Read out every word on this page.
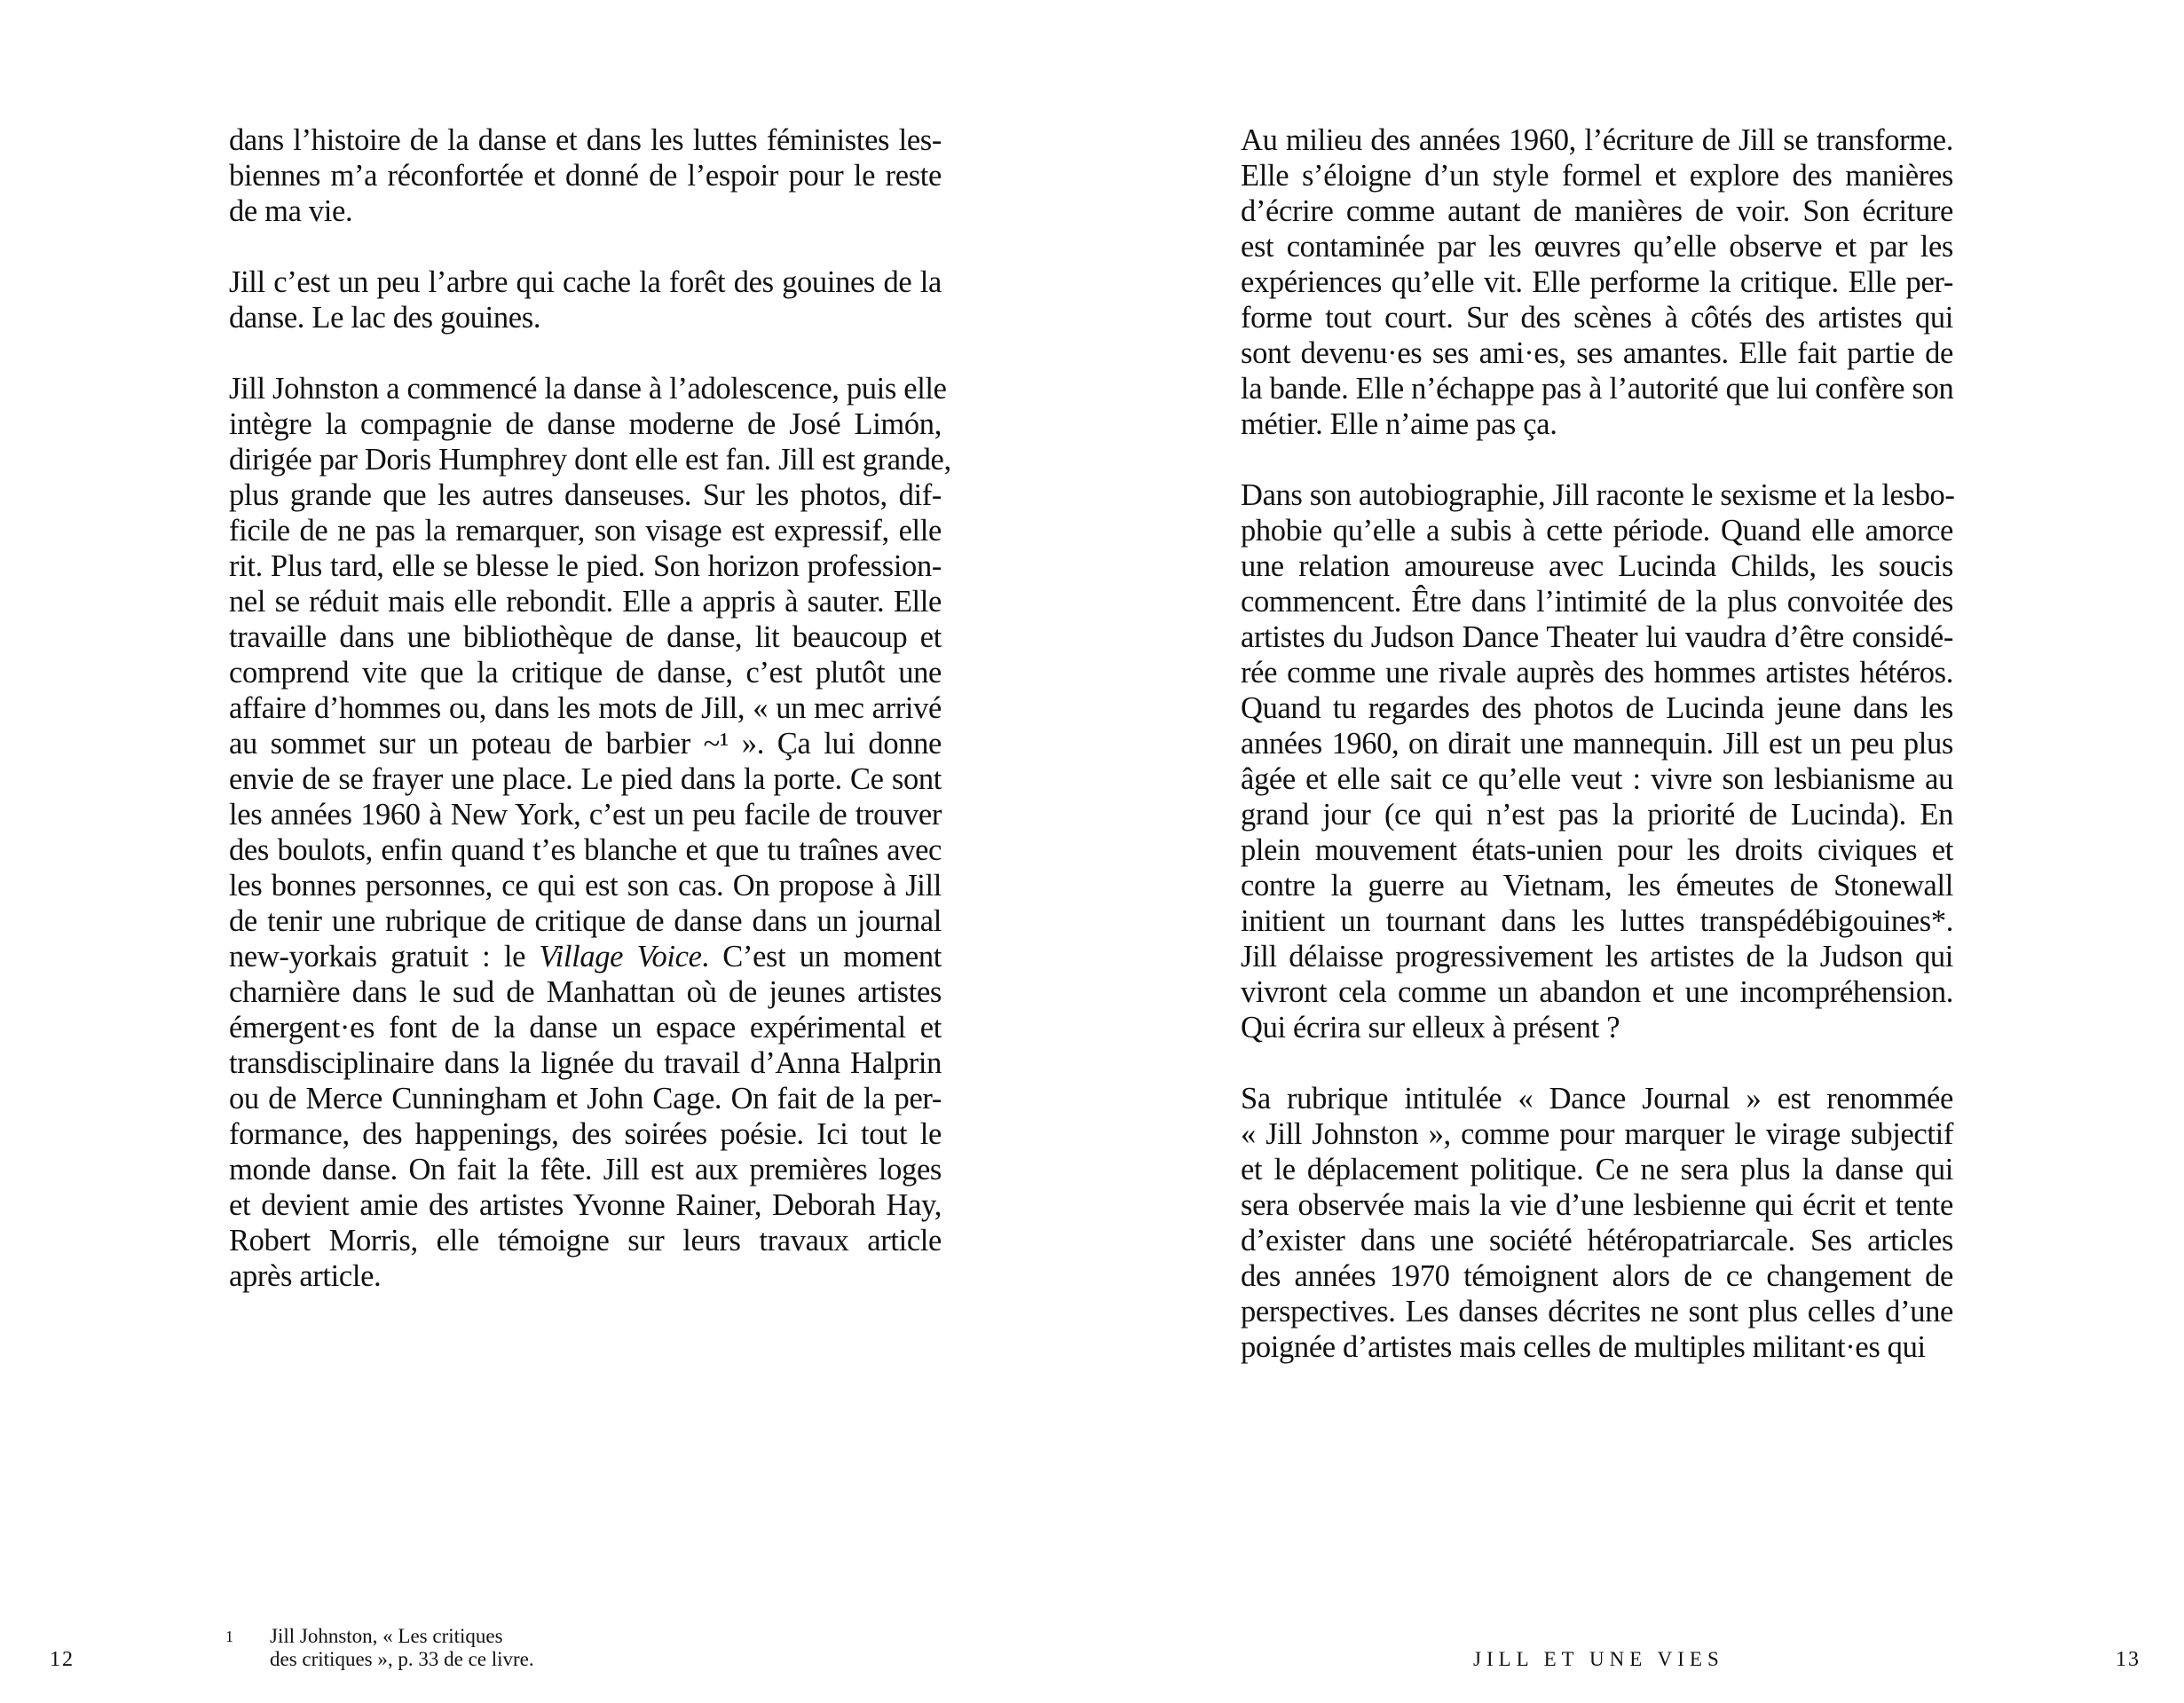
dans l’histoire de la danse et dans les luttes féministes les-
biennes m’a réconfortée et donné de l’espoir pour le reste
de ma vie.

Jill c’est un peu l’arbre qui cache la forêt des gouines de la
danse. Le lac des gouines.

Jill Johnston a commencé la danse à l’adolescence, puis elle
intègre la compagnie de danse moderne de José Limón,
dirigée par Doris Humphrey dont elle est fan. Jill est grande,
plus grande que les autres danseuses. Sur les photos, dif-
ficile de ne pas la remarquer, son visage est expressif, elle
rit. Plus tard, elle se blesse le pied. Son horizon profession-
nel se réduit mais elle rebondit. Elle a appris à sauter. Elle
travaille dans une bibliothèque de danse, lit beaucoup et
comprend vite que la critique de danse, c’est plutôt une
affaire d’hommes ou, dans les mots de Jill, « un mec arrivé
au sommet sur un poteau de barbier ~¹ ». Ça lui donne
envie de se frayer une place. Le pied dans la porte. Ce sont
les années 1960 à New York, c’est un peu facile de trouver
des boulots, enfin quand t’es blanche et que tu traînes avec
les bonnes personnes, ce qui est son cas. On propose à Jill
de tenir une rubrique de critique de danse dans un journal
new-yorkais gratuit : le Village Voice. C’est un moment
charnière dans le sud de Manhattan où de jeunes artistes
émergent·es font de la danse un espace expérimental et
transdisciplinaire dans la lignée du travail d’Anna Halprin
ou de Merce Cunningham et John Cage. On fait de la per-
formance, des happenings, des soirées poésie. Ici tout le
monde danse. On fait la fête. Jill est aux premières loges
et devient amie des artistes Yvonne Rainer, Deborah Hay,
Robert Morris, elle témoigne sur leurs travaux article
après article.

1 Jill Johnston, « Les critiques
des critiques », p. 33 de ce livre.
12

Au milieu des années 1960, l’écriture de Jill se transforme.
Elle s’éloigne d’un style formel et explore des manières
d’écrire comme autant de manières de voir. Son écriture
est contaminée par les œuvres qu’elle observe et par les
expériences qu’elle vit. Elle performe la critique. Elle per-
forme tout court. Sur des scènes à côtés des artistes qui
sont devenu·es ses ami·es, ses amantes. Elle fait partie de
la bande. Elle n’échappe pas à l’autorité que lui confère son
métier. Elle n’aime pas ça.

Dans son autobiographie, Jill raconte le sexisme et la lesbo-
phobie qu’elle a subis à cette période. Quand elle amorce
une relation amoureuse avec Lucinda Childs, les soucis
commencent. Être dans l’intimité de la plus convoitée des
artistes du Judson Dance Theater lui vaudra d’être considé-
rée comme une rivale auprès des hommes artistes hétéros.
Quand tu regardes des photos de Lucinda jeune dans les
années 1960, on dirait une mannequin. Jill est un peu plus
âgée et elle sait ce qu’elle veut : vivre son lesbianisme au
grand jour (ce qui n’est pas la priorité de Lucinda). En
plein mouvement états-unien pour les droits civiques et
contre la guerre au Vietnam, les émeutes de Stonewall
initient un tournant dans les luttes transpédébigouines*.
Jill délaisse progressivement les artistes de la Judson qui
vivront cela comme un abandon et une incompréhension.
Qui écrira sur elleux à présent ?

Sa rubrique intitulée « Dance Journal » est renommée
« Jill Johnston », comme pour marquer le virage subjectif
et le déplacement politique. Ce ne sera plus la danse qui
sera observée mais la vie d’une lesbienne qui écrit et tente
d’exister dans une société hétéropatriarcale. Ses articles
des années 1970 témoignent alors de ce changement de
perspectives. Les danses décrites ne sont plus celles d’une
poignée d’artistes mais celles de multiples militant·es qui

JILL ET UNE VIES	13
